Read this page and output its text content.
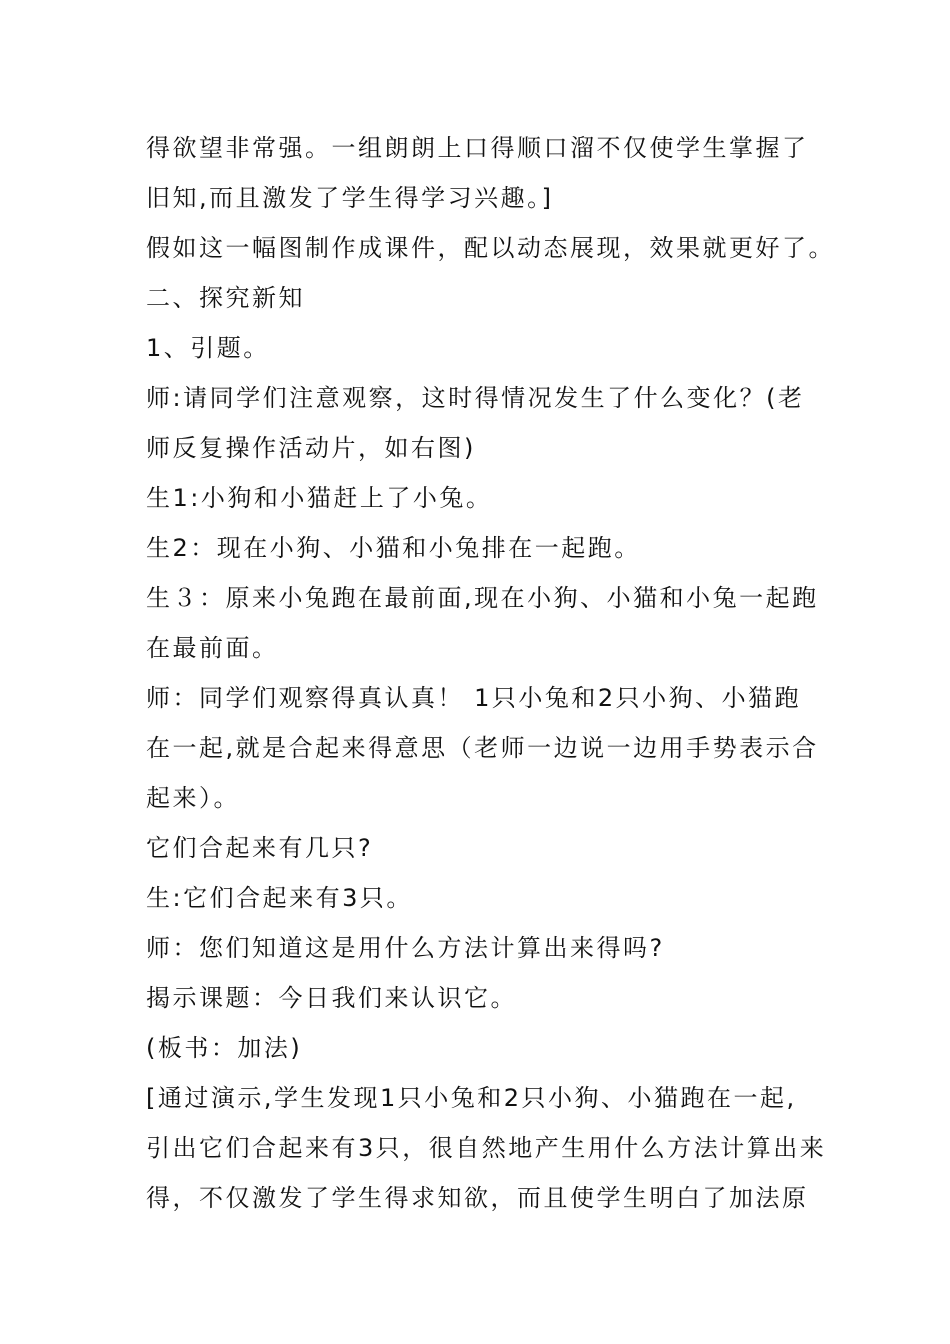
得欲望非常强。一组朗朗上口得顺口溜不仅使学生掌握了
旧知,而且激发了学生得学习兴趣。]
假如这一幅图制作成课件，配以动态展现，效果就更好了。
二、探究新知
1、引题。
师:请同学们注意观察，这时得情况发生了什么变化？(老
师反复操作活动片，如右图)
生1:小狗和小猫赶上了小兔。
生2：现在小狗、小猫和小兔排在一起跑。
生３：原来小兔跑在最前面,现在小狗、小猫和小兔一起跑
在最前面。
师：同学们观察得真认真！ 1只小兔和2只小狗、小猫跑
在一起,就是合起来得意思（老师一边说一边用手势表示合
起来）。
它们合起来有几只?
生:它们合起来有3只。
师：您们知道这是用什么方法计算出来得吗?
揭示课题：今日我们来认识它。
(板书：加法)
[通过演示,学生发现1只小兔和2只小狗、小猫跑在一起,
引出它们合起来有3只，很自然地产生用什么方法计算出来
得，不仅激发了学生得求知欲，而且使学生明白了加法原
